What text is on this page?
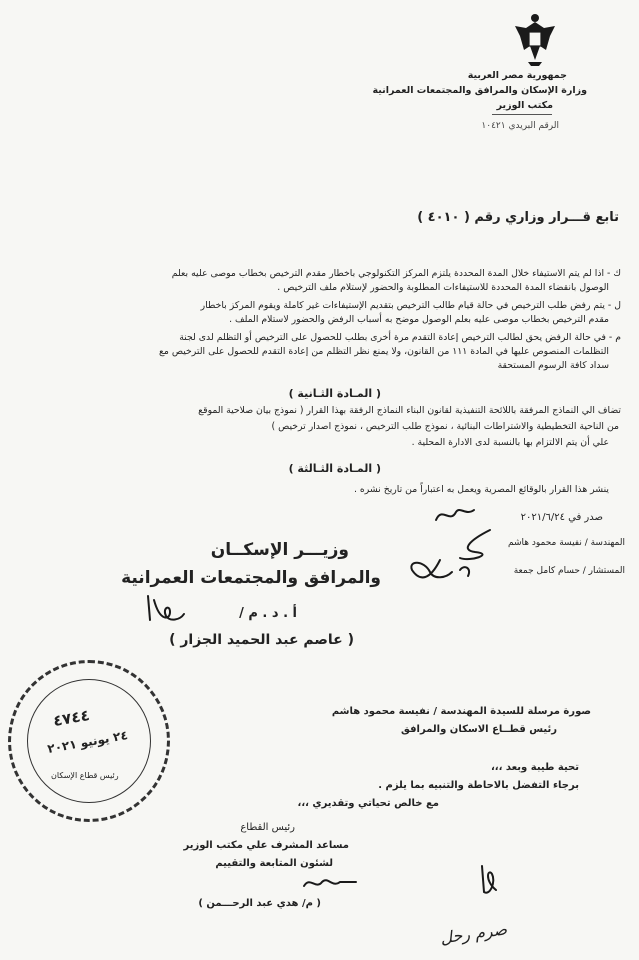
جمهورية مصر العربية
وزارة الإسكان والمرافق والمجتمعات العمرانية
مكتب الوزير
الرقم البريدي ١٠٤٢١
تابع قـــرار وزاري رقم ( ٤٠١٠ )
ك - اذا لم يتم الاستيفاء خلال المدة المحددة يلتزم المركز التكنولوجي باخطار مقدم الترخيص بخطاب موصى عليه بعلم
الوصول بانقضاء المدة المحددة للاستيفاءات المطلوبة والحضور لإستلام ملف الترخيص .
ل - يتم رفض طلب الترخيص في حالة قيام طالب الترخيص بتقديم الإستيفاءات غير كاملة ويقوم المركز باخطار
مقدم الترخيص بخطاب موصى عليه بعلم الوصول موضح به أسباب الرفض والحضور لاستلام الملف .
م - في حالة الرفض يحق لطالب الترخيص إعادة التقدم مرة أخرى بطلب للحصول على الترخيص أو التظلم لدى لجنة
التظلمات المنصوص عليها في المادة ١١١ من القانون، ولا يمنع نظر التظلم من إعادة التقدم للحصول على الترخيص مع
سداد كافة الرسوم المستحقة
( المـادة الثـانية )
تضاف الي النماذج المرفقة باللائحة التنفيذية لقانون البناء النماذج الرفقة بهذا القرار ( نموذج بيان صلاحية الموقع
من الناحية التخطيطية والاشتراطات البنائية ، نموذج طلب الترخيص ، نموذج اصدار ترخيص )
علي أن يتم الالتزام بها بالنسبة لدى الادارة المحلية .
( المـادة الثـالثة )
ينشر هذا القرار بالوقائع المصرية ويعمل به اعتباراً من تاريخ نشره .
صدر في ٢٠٢١/٦/٢٤
المهندسة / نفيسة محمود هاشم
المستشار / حسام كامل جمعة
وزيـــر الإسكــان
والمرافق والمجتمعات العمرانية
أ . د . م /
( عاصم عبد الحميد الجزار )
٤٧٤٤
٢٤ يونيو ٢٠٢١
رئيس قطاع الإسكان
صورة مرسلة للسيدة المهندسة / نفيسة محمود هاشم
رئيس قطــاع الاسكان والمرافق
تحية طيبة وبعد ،،،
برجاء التفضل بالاحاطة والتنبيه بما يلزم .
مع خالص تحياتي وتقديري ،،،
رئيس القطاع
مساعد المشرف علي مكتب الوزير
لشئون المتابعة والتقييم
( م/ هدي عبد الرحـــمن )
صرم رحل
